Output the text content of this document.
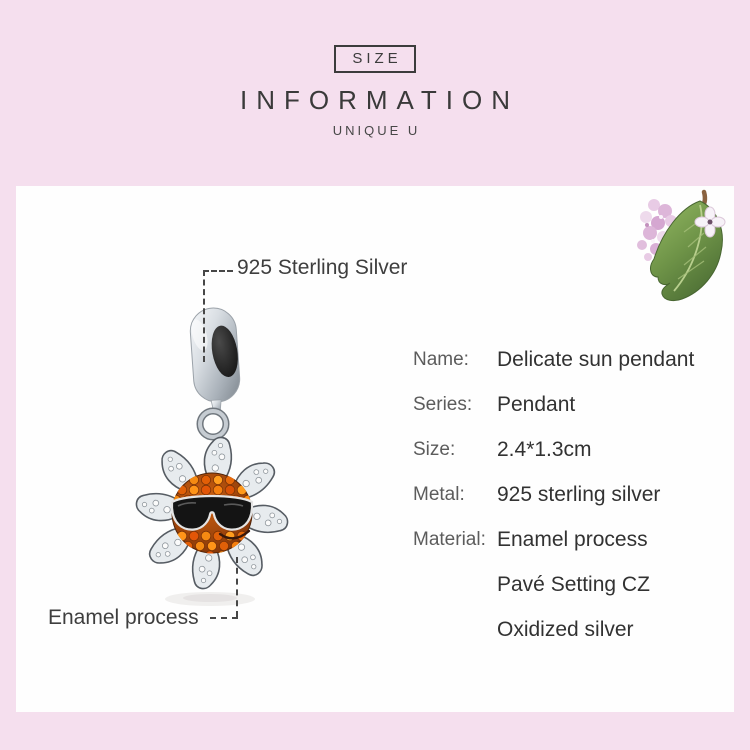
SIZE
INFORMATION
UNIQUE U
925 Sterling Silver
Enamel process
Name:	Delicate sun pendant
Series:	Pendant
Size:	2.4*1.3cm
Metal:	925 sterling silver
Material: Enamel process
Pavé Setting CZ
Oxidized silver
